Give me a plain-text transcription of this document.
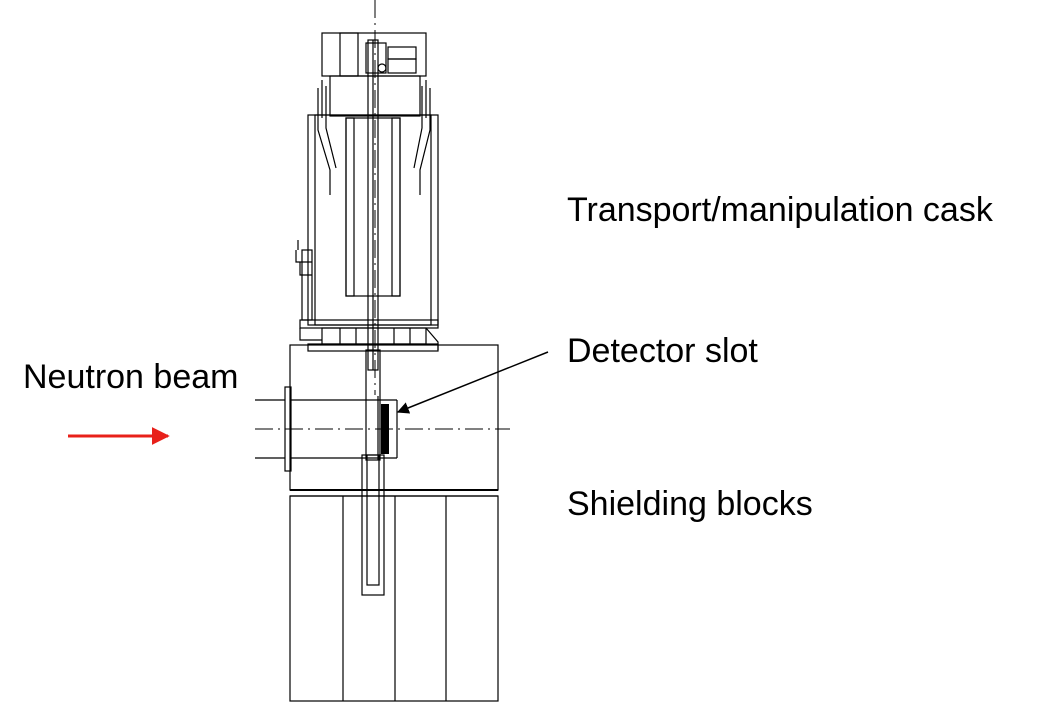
Transport/manipulation cask
Detector slot
Shielding blocks
Neutron beam
